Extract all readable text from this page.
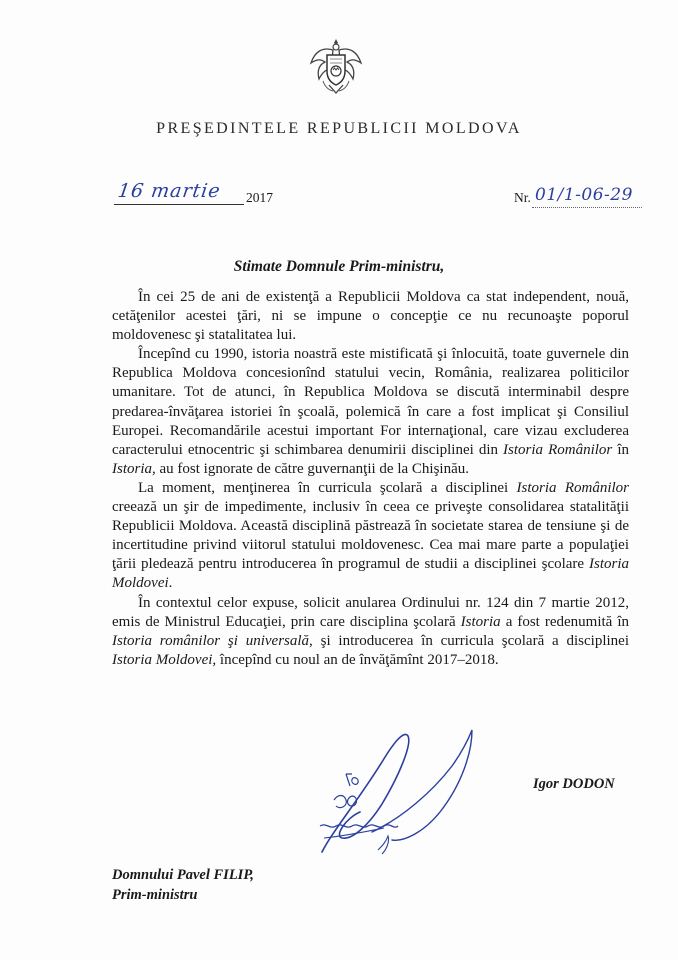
PREŞEDINTELE REPUBLICII MOLDOVA
16 martie 2017	Nr. 01/1-06-29
Stimate Domnule Prim-ministru,

În cei 25 de ani de existenţă a Republicii Moldova ca stat independent, nouă, cetăţenilor acestei ţări, ni se impune o concepţie ce nu recunoaşte poporul moldovenesc şi statalitatea lui.

Începînd cu 1990, istoria noastră este mistificată şi înlocuită, toate guvernele din Republica Moldova concesionînd statului vecin, România, realizarea politicilor umanitare. Tot de atunci, în Republica Moldova se discută interminabil despre predarea-învăţarea istoriei în şcoală, polemică în care a fost implicat şi Consiliul Europei. Recomandările acestui important For internaţional, care vizau excluderea caracterului etnocentric şi schimbarea denumirii disciplinei din Istoria Românilor în Istoria, au fost ignorate de către guvernanţii de la Chişinău.

La moment, menţinerea în curricula şcolară a disciplinei Istoria Românilor creează un şir de impedimente, inclusiv în ceea ce priveşte consolidarea statalităţii Republicii Moldova. Această disciplină păstrează în societate starea de tensiune şi de incertitudine privind viitorul statului moldovenesc. Cea mai mare parte a populaţiei ţării pledează pentru introducerea în programul de studii a disciplinei şcolare Istoria Moldovei.

În contextul celor expuse, solicit anularea Ordinului nr. 124 din 7 martie 2012, emis de Ministrul Educaţiei, prin care disciplina şcolară Istoria a fost redenumită în Istoria românilor şi universală, şi introducerea în curricula şcolară a disciplinei Istoria Moldovei, începînd cu noul an de învăţămînt 2017–2018.

Igor DODON
Domnului Pavel FILIP,
Prim-ministru
